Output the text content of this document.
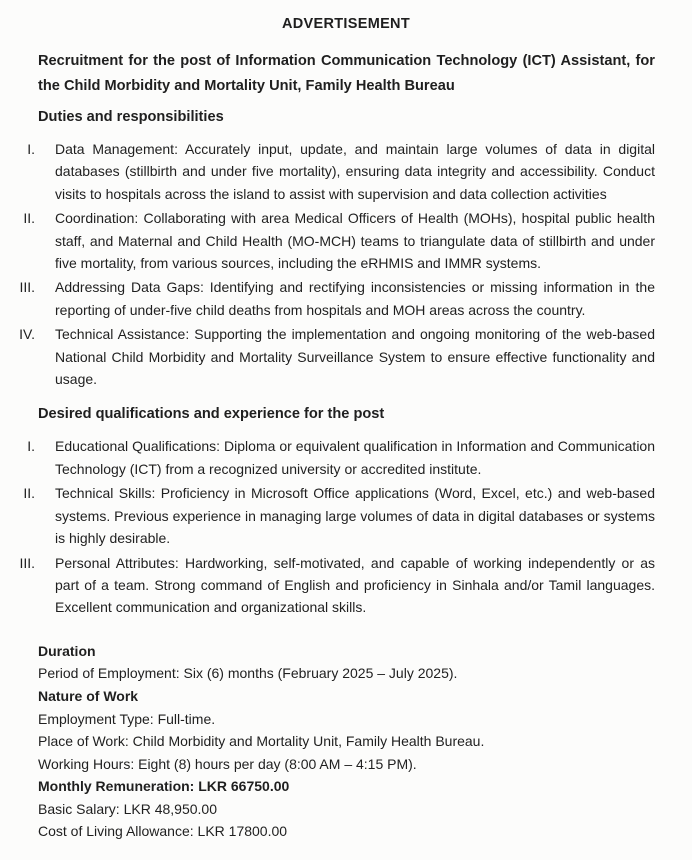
ADVERTISEMENT

Recruitment for the post of Information Communication Technology (ICT) Assistant, for the Child Morbidity and Mortality Unit, Family Health Bureau

Duties and responsibilities
I. Data Management: Accurately input, update, and maintain large volumes of data in digital databases (stillbirth and under five mortality), ensuring data integrity and accessibility. Conduct visits to hospitals across the island to assist with supervision and data collection activities
II. Coordination: Collaborating with area Medical Officers of Health (MOHs), hospital public health staff, and Maternal and Child Health (MO-MCH) teams to triangulate data of stillbirth and under five mortality, from various sources, including the eRHMIS and IMMR systems.
III. Addressing Data Gaps: Identifying and rectifying inconsistencies or missing information in the reporting of under-five child deaths from hospitals and MOH areas across the country.
IV. Technical Assistance: Supporting the implementation and ongoing monitoring of the web-based National Child Morbidity and Mortality Surveillance System to ensure effective functionality and usage.
Desired qualifications and experience for the post
I. Educational Qualifications: Diploma or equivalent qualification in Information and Communication Technology (ICT) from a recognized university or accredited institute.
II. Technical Skills: Proficiency in Microsoft Office applications (Word, Excel, etc.) and web-based systems. Previous experience in managing large volumes of data in digital databases or systems is highly desirable.
III. Personal Attributes: Hardworking, self-motivated, and capable of working independently or as part of a team. Strong command of English and proficiency in Sinhala and/or Tamil languages. Excellent communication and organizational skills.
Duration
Period of Employment: Six (6) months (February 2025 – July 2025).
Nature of Work
Employment Type: Full-time.
Place of Work: Child Morbidity and Mortality Unit, Family Health Bureau.
Working Hours: Eight (8) hours per day (8:00 AM – 4:15 PM).
Monthly Remuneration: LKR 66750.00
Basic Salary: LKR 48,950.00
Cost of Living Allowance: LKR 17800.00
